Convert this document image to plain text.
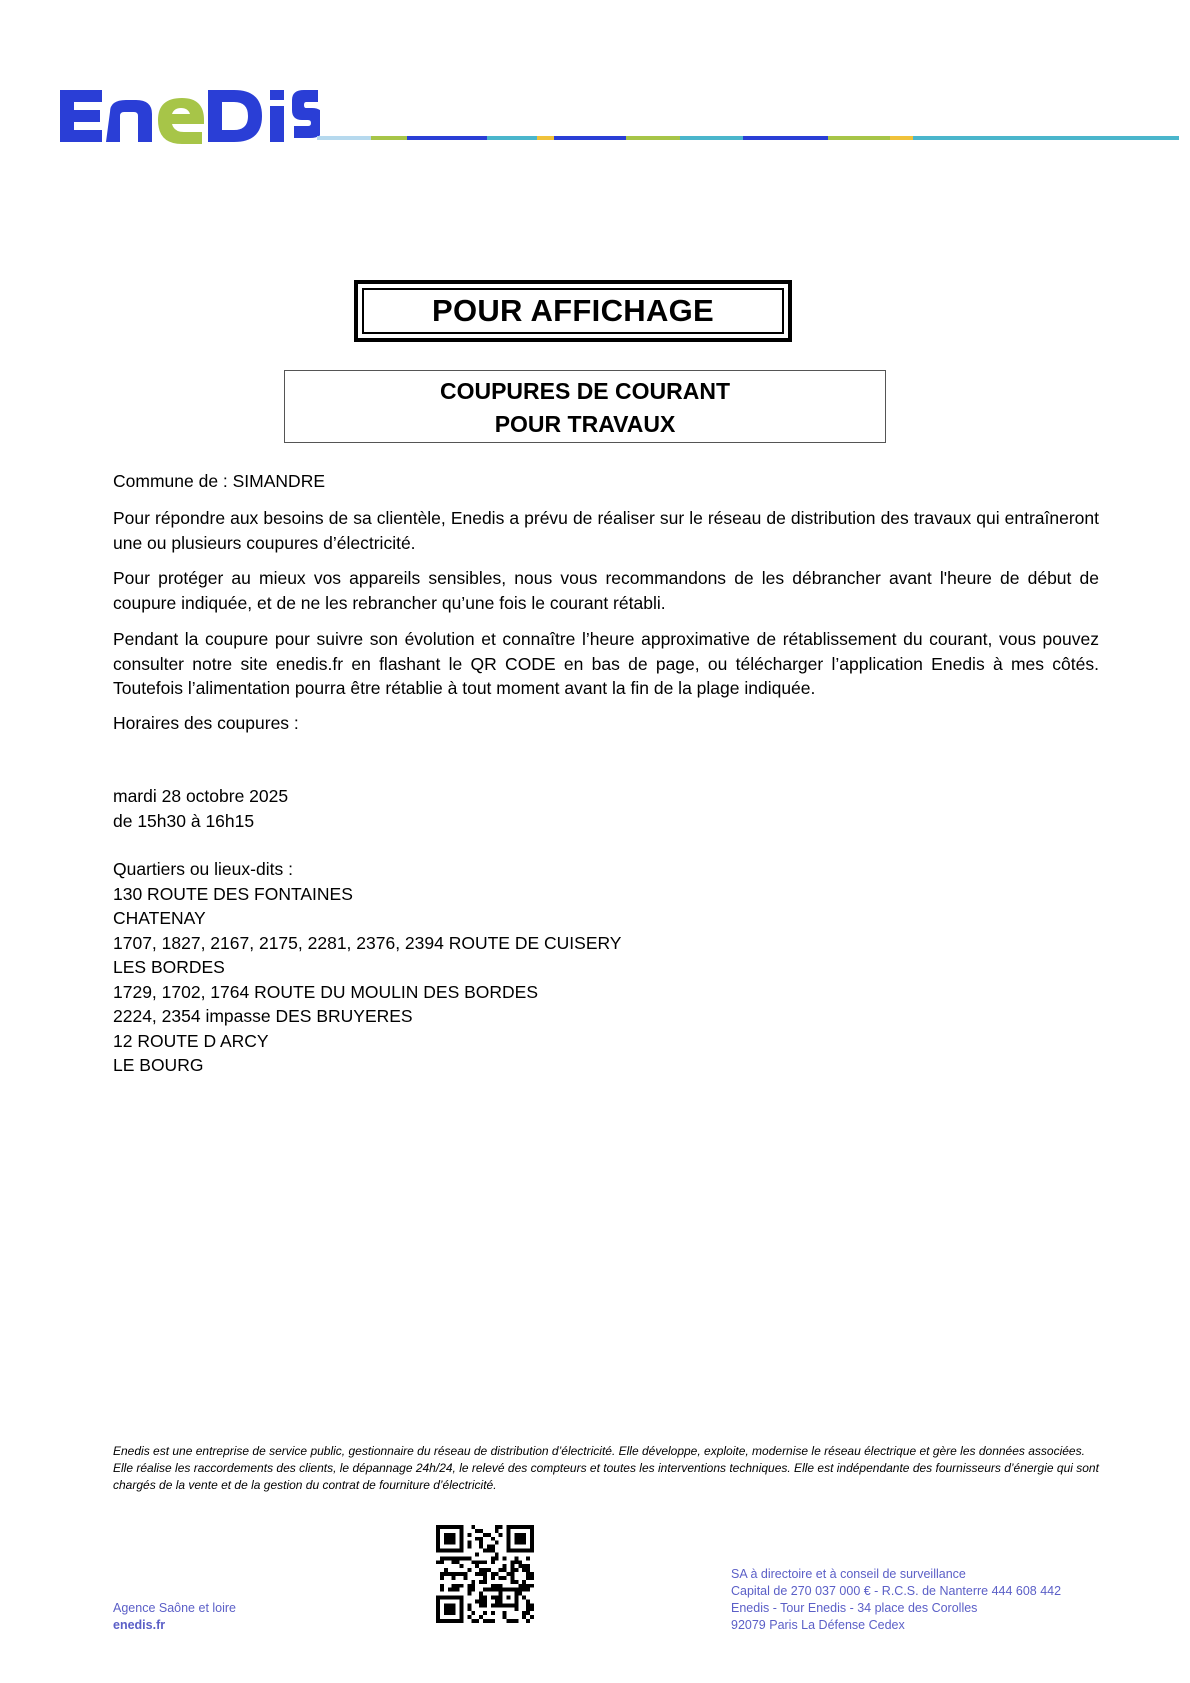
POUR AFFICHAGE
COUPURES DE COURANT
POUR TRAVAUX
Commune de : SIMANDRE

Pour répondre aux besoins de sa clientèle, Enedis a prévu de réaliser sur le réseau de distribution des travaux qui entraîneront une ou plusieurs coupures d’électricité.

Pour protéger au mieux vos appareils sensibles, nous vous recommandons de les débrancher avant l'heure de début de coupure indiquée, et de ne les rebrancher qu’une fois le courant rétabli.

Pendant la coupure pour suivre son évolution et connaître l’heure approximative de rétablissement du courant, vous pouvez consulter notre site enedis.fr en flashant le QR CODE en bas de page, ou télécharger l’application Enedis à mes côtés. Toutefois l’alimentation pourra être rétablie à tout moment avant la fin de la plage indiquée.

Horaires des coupures :
mardi 28 octobre 2025
de 15h30 à 16h15
Quartiers ou lieux-dits :
130 ROUTE DES FONTAINES
CHATENAY
1707, 1827, 2167, 2175, 2281, 2376, 2394 ROUTE DE CUISERY
LES BORDES
1729, 1702, 1764 ROUTE DU MOULIN DES BORDES
2224, 2354 impasse DES BRUYERES
12 ROUTE D ARCY
LE BOURG
Enedis est une entreprise de service public, gestionnaire du réseau de distribution d’électricité. Elle développe, exploite, modernise le réseau électrique et gère les données associées. Elle réalise les raccordements des clients, le dépannage 24h/24, le relevé des compteurs et toutes les interventions techniques. Elle est indépendante des fournisseurs d’énergie qui sont chargés de la vente et de la gestion du contrat de fourniture d’électricité.
Agence Saône et loire
enedis.fr
SA à directoire et à conseil de surveillance
Capital de 270 037 000 € - R.C.S. de Nanterre 444 608 442
Enedis - Tour Enedis - 34 place des Corolles
92079 Paris La Défense Cedex
